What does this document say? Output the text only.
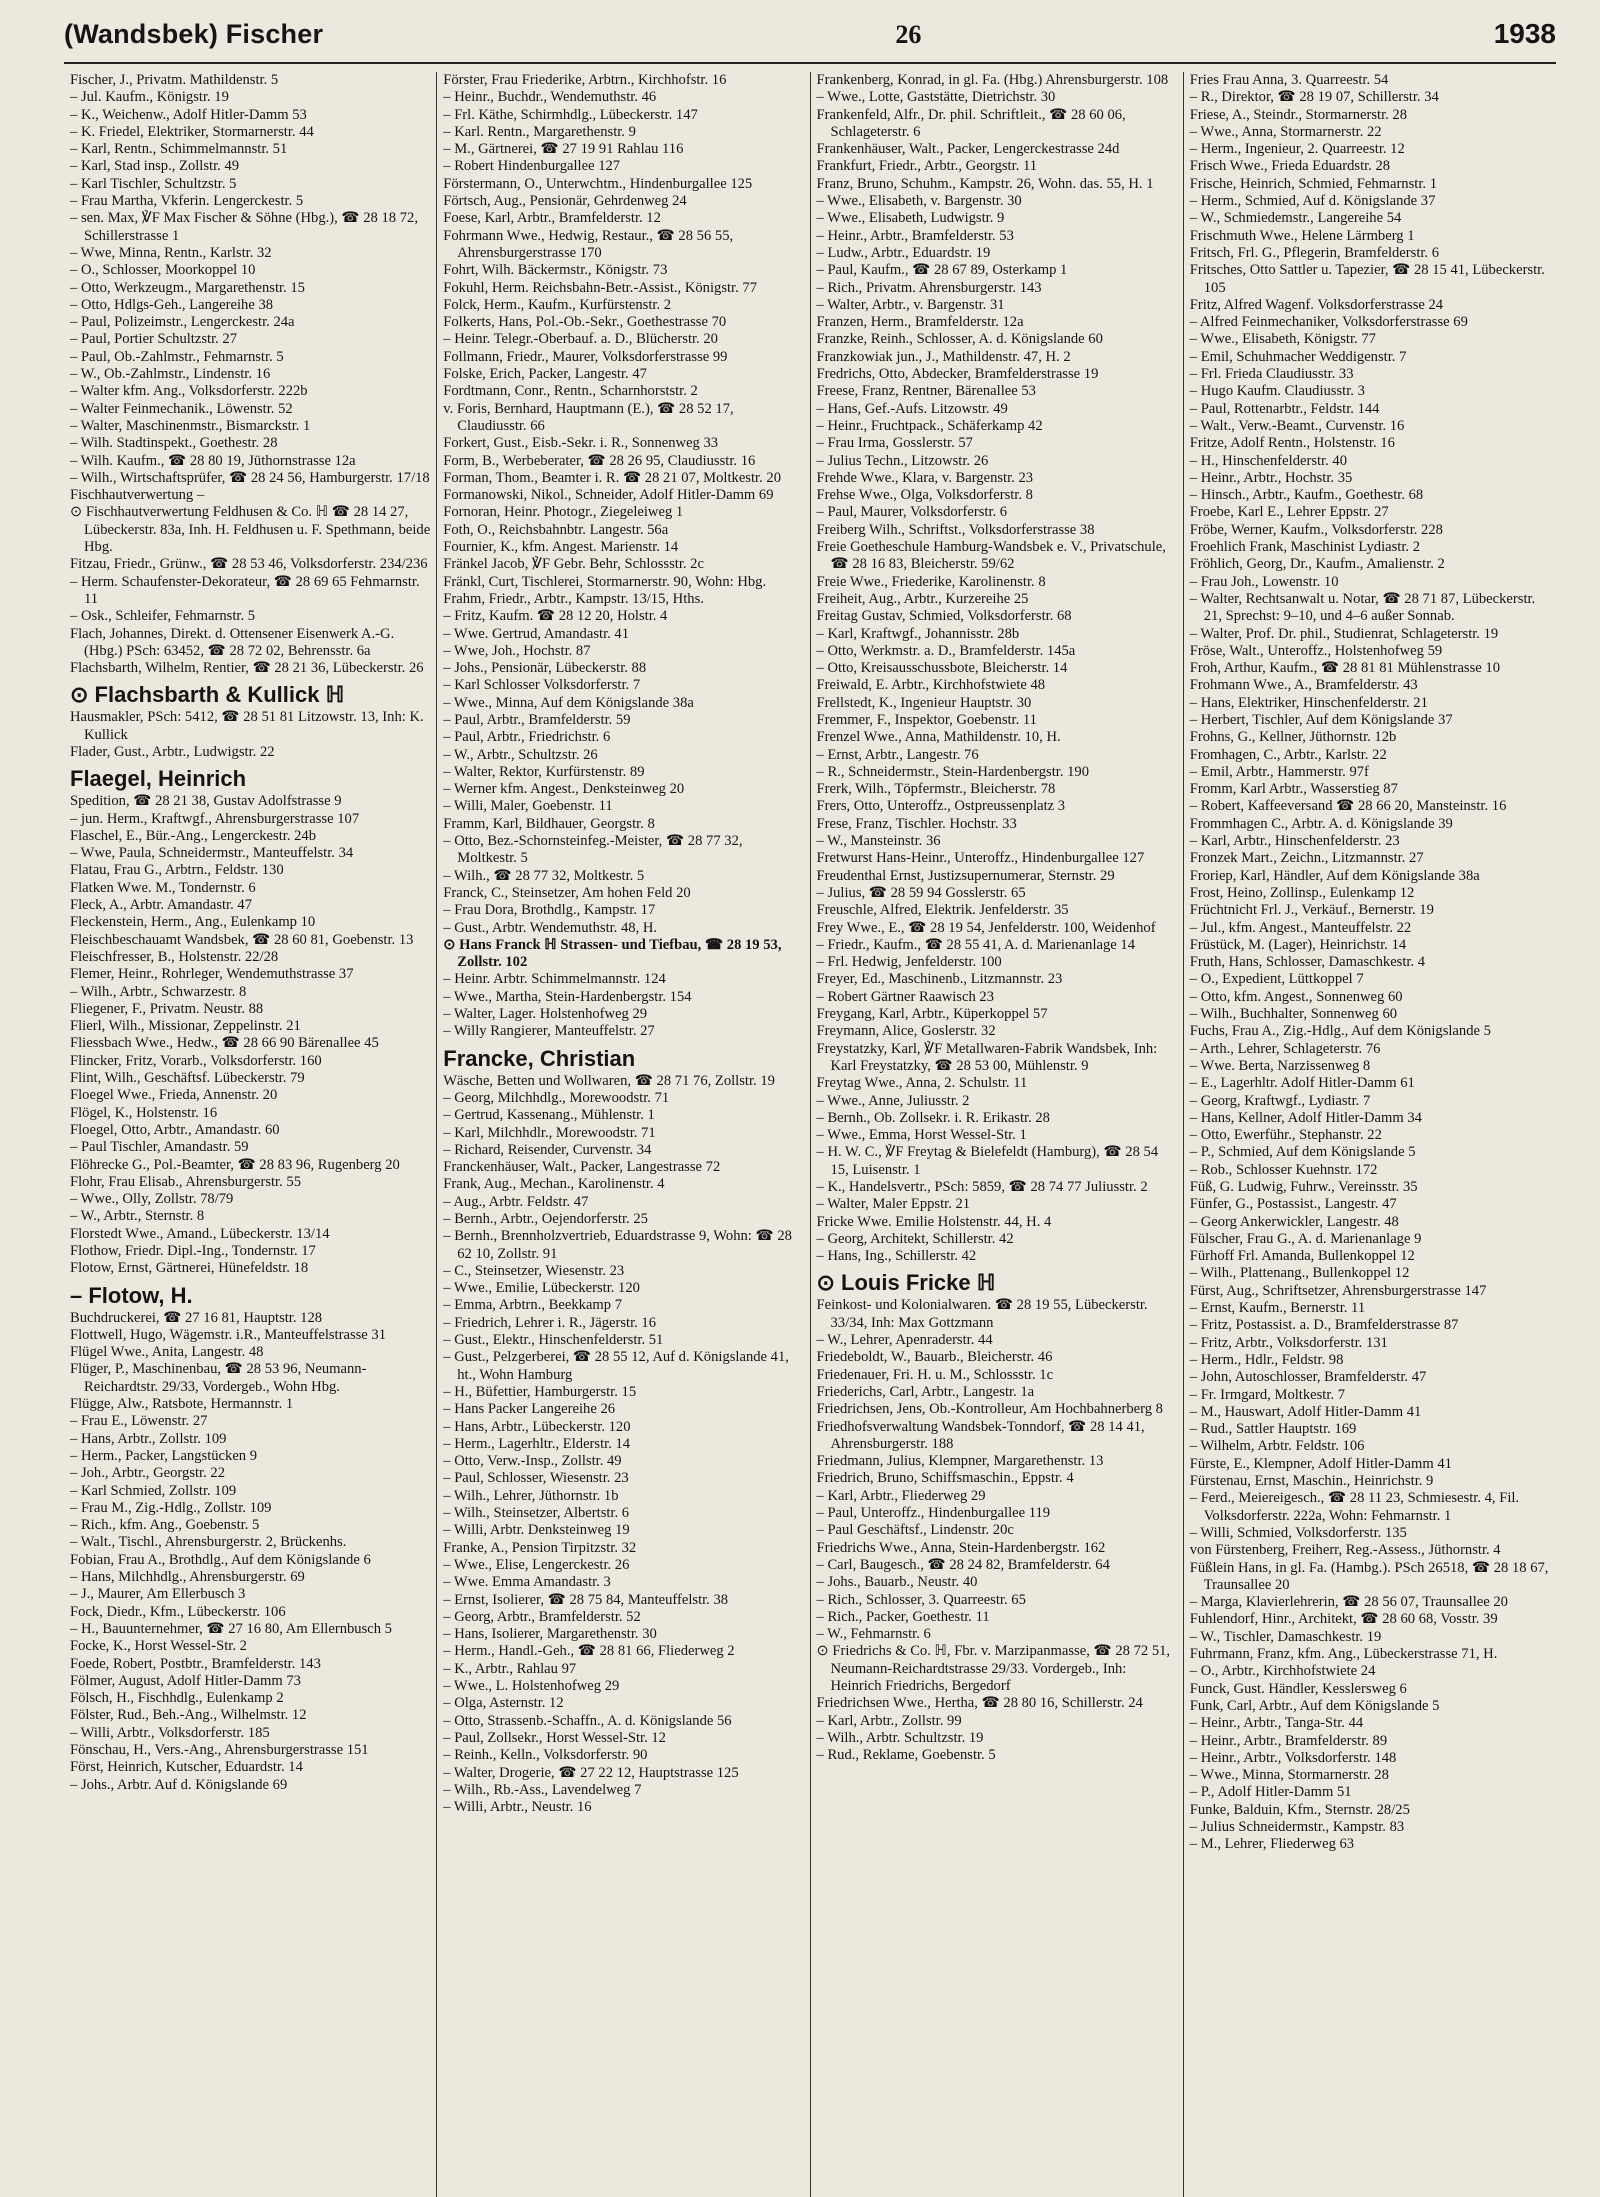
(Wandsbek) Fischer	26	1938

Fischer, J., Privatm. Mathildenstr. 5

– Jul. Kaufm., Königstr. 19

– K., Weichenw., Adolf Hitler-Damm 53

– K. Friedel, Elektriker, Stormarnerstr. 44

– Karl, Rentn., Schimmelmannstr. 51

– Karl, Stad insp., Zollstr. 49

– Karl Tischler, Schultzstr. 5

– Frau Martha, Vkferin. Lengerckestr. 5

– sen. Max, ℣F Max Fischer & Söhne (Hbg.), ☎ 28 18 72, Schillerstrasse 1

– Wwe, Minna, Rentn., Karlstr. 32

– O., Schlosser, Moorkoppel 10

– Otto, Werkzeugm., Margarethenstr. 15

– Otto, Hdlgs-Geh., Langereihe 38

– Paul, Polizeimstr., Lengerckestr. 24a

– Paul, Portier Schultzstr. 27

– Paul, Ob.-Zahlmstr., Fehmarnstr. 5

– W., Ob.-Zahlmstr., Lindenstr. 16

– Walter kfm. Ang., Volksdorferstr. 222b

– Walter Feinmechanik., Löwenstr. 52

– Walter, Maschinenmstr., Bismarckstr. 1

– Wilh. Stadtinspekt., Goethestr. 28

– Wilh. Kaufm., ☎ 28 80 19, Jüthornstrasse 12a

– Wilh., Wirtschaftsprüfer, ☎ 28 24 56, Hamburgerstr. 17/18

Fischhautverwertung –

⊙ Fischhautverwertung Feldhusen & Co. ℍ ☎ 28 14 27, Lübeckerstr. 83a, Inh. H. Feldhusen u. F. Spethmann, beide Hbg.

Fitzau, Friedr., Grünw., ☎ 28 53 46, Volksdorferstr. 234/236

– Herm. Schaufenster-Dekorateur, ☎ 28 69 65 Fehmarnstr. 11

– Osk., Schleifer, Fehmarnstr. 5

Flach, Johannes, Direkt. d. Ottensener Eisenwerk A.-G. (Hbg.) PSch: 63452, ☎ 28 72 02, Behrensstr. 6a

Flachsbarth, Wilhelm, Rentier, ☎ 28 21 36, Lübeckerstr. 26

⊙ Flachsbarth & Kullick ℍ

Hausmakler, PSch: 5412, ☎ 28 51 81 Litzowstr. 13, Inh: K. Kullick

Flader, Gust., Arbtr., Ludwigstr. 22

Flaegel, Heinrich

Spedition, ☎ 28 21 38, Gustav Adolfstrasse 9

– jun. Herm., Kraftwgf., Ahrensburgerstrasse 107

Flaschel, E., Bür.-Ang., Lengerckestr. 24b

– Wwe, Paula, Schneidermstr., Manteuffelstr. 34

Flatau, Frau G., Arbtrn., Feldstr. 130

Flatken Wwe. M., Tondernstr. 6

Fleck, A., Arbtr. Amandastr. 47

Fleckenstein, Herm., Ang., Eulenkamp 10

Fleischbeschauamt Wandsbek, ☎ 28 60 81, Goebenstr. 13

Fleischfresser, B., Holstenstr. 22/28

Flemer, Heinr., Rohrleger, Wendemuthstrasse 37

– Wilh., Arbtr., Schwarzestr. 8

Fliegener, F., Privatm. Neustr. 88

Flierl, Wilh., Missionar, Zeppelinstr. 21

Fliessbach Wwe., Hedw., ☎ 28 66 90 Bärenallee 45

Flincker, Fritz, Vorarb., Volksdorferstr. 160

Flint, Wilh., Geschäftsf. Lübeckerstr. 79

Floegel Wwe., Frieda, Annenstr. 20

Flögel, K., Holstenstr. 16

Floegel, Otto, Arbtr., Amandastr. 60

– Paul Tischler, Amandastr. 59

Flöhrecke G., Pol.-Beamter, ☎ 28 83 96, Rugenberg 20

Flohr, Frau Elisab., Ahrensburgerstr. 55

– Wwe., Olly, Zollstr. 78/79

– W., Arbtr., Sternstr. 8

Florstedt Wwe., Amand., Lübeckerstr. 13/14

Flothow, Friedr. Dipl.-Ing., Tondernstr. 17

Flotow, Ernst, Gärtnerei, Hünefeldstr. 18

– Flotow, H.

Buchdruckerei, ☎ 27 16 81, Hauptstr. 128

Flottwell, Hugo, Wägemstr. i.R., Manteuffelstrasse 31

Flügel Wwe., Anita, Langestr. 48

Flüger, P., Maschinenbau, ☎ 28 53 96, Neumann-Reichardtstr. 29/33, Vordergeb., Wohn Hbg.

Flügge, Alw., Ratsbote, Hermannstr. 1

– Frau E., Löwenstr. 27

– Hans, Arbtr., Zollstr. 109

– Herm., Packer, Langstücken 9

– Joh., Arbtr., Georgstr. 22

– Karl Schmied, Zollstr. 109

– Frau M., Zig.-Hdlg., Zollstr. 109

– Rich., kfm. Ang., Goebenstr. 5

– Walt., Tischl., Ahrensburgerstr. 2, Brückenhs.

Fobian, Frau A., Brothdlg., Auf dem Königslande 6

– Hans, Milchhdlg., Ahrensburgerstr. 69

– J., Maurer, Am Ellerbusch 3

Fock, Diedr., Kfm., Lübeckerstr. 106

– H., Bauunternehmer, ☎ 27 16 80, Am Ellernbusch 5

Focke, K., Horst Wessel-Str. 2

Foede, Robert, Postbtr., Bramfelderstr. 143

Fölmer, August, Adolf Hitler-Damm 73

Fölsch, H., Fischhdlg., Eulenkamp 2

Fölster, Rud., Beh.-Ang., Wilhelmstr. 12

– Willi, Arbtr., Volksdorferstr. 185

Fönschau, H., Vers.-Ang., Ahrensburgerstrasse 151

Först, Heinrich, Kutscher, Eduardstr. 14

– Johs., Arbtr. Auf d. Königslande 69

Förster, Frau Friederike, Arbtrn., Kirchhofstr. 16

– Heinr., Buchdr., Wendemuthstr. 46

– Frl. Käthe, Schirmhdlg., Lübeckerstr. 147

– Karl. Rentn., Margarethenstr. 9

– M., Gärtnerei, ☎ 27 19 91 Rahlau 116

– Robert Hindenburgallee 127

Förstermann, O., Unterwchtm., Hindenburgallee 125

Förtsch, Aug., Pensionär, Gehrdenweg 24

Foese, Karl, Arbtr., Bramfelderstr. 12

Fohrmann Wwe., Hedwig, Restaur., ☎ 28 56 55, Ahrensburgerstrasse 170

Fohrt, Wilh. Bäckermstr., Königstr. 73

Fokuhl, Herm. Reichsbahn-Betr.-Assist., Königstr. 77

Folck, Herm., Kaufm., Kurfürstenstr. 2

Folkerts, Hans, Pol.-Ob.-Sekr., Goethestrasse 70

– Heinr. Telegr.-Oberbauf. a. D., Blücherstr. 20

Follmann, Friedr., Maurer, Volksdorferstrasse 99

Folske, Erich, Packer, Langestr. 47

Fordtmann, Conr., Rentn., Scharnhorststr. 2

v. Foris, Bernhard, Hauptmann (E.), ☎ 28 52 17, Claudiusstr. 66

Forkert, Gust., Eisb.-Sekr. i. R., Sonnenweg 33

Form, B., Werbeberater, ☎ 28 26 95, Claudiusstr. 16

Forman, Thom., Beamter i. R. ☎ 28 21 07, Moltkestr. 20

Formanowski, Nikol., Schneider, Adolf Hitler-Damm 69

Fornoran, Heinr. Photogr., Ziegeleiweg 1

Foth, O., Reichsbahnbtr. Langestr. 56a

Fournier, K., kfm. Angest. Marienstr. 14

Fränkel Jacob, ℣F Gebr. Behr, Schlossstr. 2c

Fränkl, Curt, Tischlerei, Stormarnerstr. 90, Wohn: Hbg.

Frahm, Friedr., Arbtr., Kampstr. 13/15, Hths.

– Fritz, Kaufm. ☎ 28 12 20, Holstr. 4

– Wwe. Gertrud, Amandastr. 41

– Wwe, Joh., Hochstr. 87

– Johs., Pensionär, Lübeckerstr. 88

– Karl Schlosser Volksdorferstr. 7

– Wwe., Minna, Auf dem Königslande 38a

– Paul, Arbtr., Bramfelderstr. 59

– Paul, Arbtr., Friedrichstr. 6

– W., Arbtr., Schultzstr. 26

– Walter, Rektor, Kurfürstenstr. 89

– Werner kfm. Angest., Denksteinweg 20

– Willi, Maler, Goebenstr. 11

Framm, Karl, Bildhauer, Georgstr. 8

– Otto, Bez.-Schornsteinfeg.-Meister, ☎ 28 77 32, Moltkestr. 5

– Wilh., ☎ 28 77 32, Moltkestr. 5

Franck, C., Steinsetzer, Am hohen Feld 20

– Frau Dora, Brothdlg., Kampstr. 17

– Gust., Arbtr. Wendemuthstr. 48, H.

⊙ Hans Franck ℍ Strassen- und Tiefbau, ☎ 28 19 53, Zollstr. 102

– Heinr. Arbtr. Schimmelmannstr. 124

– Wwe., Martha, Stein-Hardenbergstr. 154

– Walter, Lager. Holstenhofweg 29

– Willy Rangierer, Manteuffelstr. 27

Francke, Christian

Wäsche, Betten und Wollwaren, ☎ 28 71 76, Zollstr. 19

– Georg, Milchhdlg., Morewoodstr. 71

– Gertrud, Kassenang., Mühlenstr. 1

– Karl, Milchhdlr., Morewoodstr. 71

– Richard, Reisender, Curvenstr. 34

Franckenhäuser, Walt., Packer, Langestrasse 72

Frank, Aug., Mechan., Karolinenstr. 4

– Aug., Arbtr. Feldstr. 47

– Bernh., Arbtr., Oejendorferstr. 25

– Bernh., Brennholzvertrieb, Eduardstrasse 9, Wohn: ☎ 28 62 10, Zollstr. 91

– C., Steinsetzer, Wiesenstr. 23

– Wwe., Emilie, Lübeckerstr. 120

– Emma, Arbtrn., Beekkamp 7

– Friedrich, Lehrer i. R., Jägerstr. 16

– Gust., Elektr., Hinschenfelderstr. 51

– Gust., Pelzgerberei, ☎ 28 55 12, Auf d. Königslande 41, ht., Wohn Hamburg

– H., Büfettier, Hamburgerstr. 15

– Hans Packer Langereihe 26

– Hans, Arbtr., Lübeckerstr. 120

– Herm., Lagerhltr., Elderstr. 14

– Otto, Verw.-Insp., Zollstr. 49

– Paul, Schlosser, Wiesenstr. 23

– Wilh., Lehrer, Jüthornstr. 1b

– Wilh., Steinsetzer, Albertstr. 6

– Willi, Arbtr. Denksteinweg 19

Franke, A., Pension Tirpitzstr. 32

– Wwe., Elise, Lengerckestr. 26

– Wwe. Emma Amandastr. 3

– Ernst, Isolierer, ☎ 28 75 84, Manteuffelstr. 38

– Georg, Arbtr., Bramfelderstr. 52

– Hans, Isolierer, Margarethenstr. 30

– Herm., Handl.-Geh., ☎ 28 81 66, Fliederweg 2

– K., Arbtr., Rahlau 97

– Wwe., L. Holstenhofweg 29

– Olga, Asternstr. 12

– Otto, Strassenb.-Schaffn., A. d. Königslande 56

– Paul, Zollsekr., Horst Wessel-Str. 12

– Reinh., Kelln., Volksdorferstr. 90

– Walter, Drogerie, ☎ 27 22 12, Hauptstrasse 125

– Wilh., Rb.-Ass., Lavendelweg 7

– Willi, Arbtr., Neustr. 16

Frankenberg, Konrad, in gl. Fa. (Hbg.) Ahrensburgerstr. 108

– Wwe., Lotte, Gaststätte, Dietrichstr. 30

Frankenfeld, Alfr., Dr. phil. Schriftleit., ☎ 28 60 06, Schlageterstr. 6

Frankenhäuser, Walt., Packer, Lengerckestrasse 24d

Frankfurt, Friedr., Arbtr., Georgstr. 11

Franz, Bruno, Schuhm., Kampstr. 26, Wohn. das. 55, H. 1

– Wwe., Elisabeth, v. Bargenstr. 30

– Wwe., Elisabeth, Ludwigstr. 9

– Heinr., Arbtr., Bramfelderstr. 53

– Ludw., Arbtr., Eduardstr. 19

– Paul, Kaufm., ☎ 28 67 89, Osterkamp 1

– Rich., Privatm. Ahrensburgerstr. 143

– Walter, Arbtr., v. Bargenstr. 31

Franzen, Herm., Bramfelderstr. 12a

Franzke, Reinh., Schlosser, A. d. Königslande 60

Franzkowiak jun., J., Mathildenstr. 47, H. 2

Fredrichs, Otto, Abdecker, Bramfelderstrasse 19

Freese, Franz, Rentner, Bärenallee 53

– Hans, Gef.-Aufs. Litzowstr. 49

– Heinr., Fruchtpack., Schäferkamp 42

– Frau Irma, Gosslerstr. 57

– Julius Techn., Litzowstr. 26

Frehde Wwe., Klara, v. Bargenstr. 23

Frehse Wwe., Olga, Volksdorferstr. 8

– Paul, Maurer, Volksdorferstr. 6

Freiberg Wilh., Schriftst., Volksdorferstrasse 38

Freie Goetheschule Hamburg-Wandsbek e. V., Privatschule, ☎ 28 16 83, Bleicherstr. 59/62

Freie Wwe., Friederike, Karolinenstr. 8

Freiheit, Aug., Arbtr., Kurzereihe 25

Freitag Gustav, Schmied, Volksdorferstr. 68

– Karl, Kraftwgf., Johannisstr. 28b

– Otto, Werkmstr. a. D., Bramfelderstr. 145a

– Otto, Kreisausschussbote, Bleicherstr. 14

Freiwald, E. Arbtr., Kirchhofstwiete 48

Frellstedt, K., Ingenieur Hauptstr. 30

Fremmer, F., Inspektor, Goebenstr. 11

Frenzel Wwe., Anna, Mathildenstr. 10, H.

– Ernst, Arbtr., Langestr. 76

– R., Schneidermstr., Stein-Hardenbergstr. 190

Frerk, Wilh., Töpfermstr., Bleicherstr. 78

Frers, Otto, Unteroffz., Ostpreussenplatz 3

Frese, Franz, Tischler. Hochstr. 33

– W., Mansteinstr. 36

Fretwurst Hans-Heinr., Unteroffz., Hindenburgallee 127

Freudenthal Ernst, Justizsupernumerar, Sternstr. 29

– Julius, ☎ 28 59 94 Gosslerstr. 65

Freuschle, Alfred, Elektrik. Jenfelderstr. 35

Frey Wwe., E., ☎ 28 19 54, Jenfelderstr. 100, Weidenhof

– Friedr., Kaufm., ☎ 28 55 41, A. d. Marienanlage 14

– Frl. Hedwig, Jenfelderstr. 100

Freyer, Ed., Maschinenb., Litzmannstr. 23

– Robert Gärtner Raawisch 23

Freygang, Karl, Arbtr., Küperkoppel 57

Freymann, Alice, Goslerstr. 32

Freystatzky, Karl, ℣F Metallwaren-Fabrik Wandsbek, Inh: Karl Freystatzky, ☎ 28 53 00, Mühlenstr. 9

Freytag Wwe., Anna, 2. Schulstr. 11

– Wwe., Anne, Juliusstr. 2

– Bernh., Ob. Zollsekr. i. R. Erikastr. 28

– Wwe., Emma, Horst Wessel-Str. 1

– H. W. C., ℣F Freytag & Bielefeldt (Hamburg), ☎ 28 54 15, Luisenstr. 1

– K., Handelsvertr., PSch: 5859, ☎ 28 74 77 Juliusstr. 2

– Walter, Maler Eppstr. 21

Fricke Wwe. Emilie Holstenstr. 44, H. 4

– Georg, Architekt, Schillerstr. 42

– Hans, Ing., Schillerstr. 42

⊙ Louis Fricke ℍ

Feinkost- und Kolonialwaren. ☎ 28 19 55, Lübeckerstr. 33/34, Inh: Max Gottzmann

– W., Lehrer, Apenraderstr. 44

Friedeboldt, W., Bauarb., Bleicherstr. 46

Friedenauer, Fri. H. u. M., Schlossstr. 1c

Friederichs, Carl, Arbtr., Langestr. 1a

Friedrichsen, Jens, Ob.-Kontrolleur, Am Hochbahnerberg 8

Friedhofsverwaltung Wandsbek-Tonndorf, ☎ 28 14 41, Ahrensburgerstr. 188

Friedmann, Julius, Klempner, Margarethenstr. 13

Friedrich, Bruno, Schiffsmaschin., Eppstr. 4

– Karl, Arbtr., Fliederweg 29

– Paul, Unteroffz., Hindenburgallee 119

– Paul Geschäftsf., Lindenstr. 20c

Friedrichs Wwe., Anna, Stein-Hardenbergstr. 162

– Carl, Baugesch., ☎ 28 24 82, Bramfelderstr. 64

– Johs., Bauarb., Neustr. 40

– Rich., Schlosser, 3. Quarreestr. 65

– Rich., Packer, Goethestr. 11

– W., Fehmarnstr. 6

⊙ Friedrichs & Co. ℍ, Fbr. v. Marzipanmasse, ☎ 28 72 51, Neumann-Reichardtstrasse 29/33. Vordergeb., Inh: Heinrich Friedrichs, Bergedorf

Friedrichsen Wwe., Hertha, ☎ 28 80 16, Schillerstr. 24

– Karl, Arbtr., Zollstr. 99

– Wilh., Arbtr. Schultzstr. 19

– Rud., Reklame, Goebenstr. 5

Fries Frau Anna, 3. Quarreestr. 54

– R., Direktor, ☎ 28 19 07, Schillerstr. 34

Friese, A., Steindr., Stormarnerstr. 28

– Wwe., Anna, Stormarnerstr. 22

– Herm., Ingenieur, 2. Quarreestr. 12

Frisch Wwe., Frieda Eduardstr. 28

Frische, Heinrich, Schmied, Fehmarnstr. 1

– Herm., Schmied, Auf d. Königslande 37

– W., Schmiedemstr., Langereihe 54

Frischmuth Wwe., Helene Lärmberg 1

Fritsch, Frl. G., Pflegerin, Bramfelderstr. 6

Fritsches, Otto Sattler u. Tapezier, ☎ 28 15 41, Lübeckerstr. 105

Fritz, Alfred Wagenf. Volksdorferstrasse 24

– Alfred Feinmechaniker, Volksdorferstrasse 69

– Wwe., Elisabeth, Königstr. 77

– Emil, Schuhmacher Weddigenstr. 7

– Frl. Frieda Claudiusstr. 33

– Hugo Kaufm. Claudiusstr. 3

– Paul, Rottenarbtr., Feldstr. 144

– Walt., Verw.-Beamt., Curvenstr. 16

Fritze, Adolf Rentn., Holstenstr. 16

– H., Hinschenfelderstr. 40

– Heinr., Arbtr., Hochstr. 35

– Hinsch., Arbtr., Kaufm., Goethestr. 68

Froebe, Karl E., Lehrer Eppstr. 27

Fröbe, Werner, Kaufm., Volksdorferstr. 228

Froehlich Frank, Maschinist Lydiastr. 2

Fröhlich, Georg, Dr., Kaufm., Amalienstr. 2

– Frau Joh., Lowenstr. 10

– Walter, Rechtsanwalt u. Notar, ☎ 28 71 87, Lübeckerstr. 21, Sprechst: 9–10, und 4–6 außer Sonnab.

– Walter, Prof. Dr. phil., Studienrat, Schlageterstr. 19

Fröse, Walt., Unteroffz., Holstenhofweg 59

Froh, Arthur, Kaufm., ☎ 28 81 81 Mühlenstrasse 10

Frohmann Wwe., A., Bramfelderstr. 43

– Hans, Elektriker, Hinschenfelderstr. 21

– Herbert, Tischler, Auf dem Königslande 37

Frohns, G., Kellner, Jüthornstr. 12b

Fromhagen, C., Arbtr., Karlstr. 22

– Emil, Arbtr., Hammerstr. 97f

Fromm, Karl Arbtr., Wasserstieg 87

– Robert, Kaffeeversand ☎ 28 66 20, Mansteinstr. 16

Frommhagen C., Arbtr. A. d. Königslande 39

– Karl, Arbtr., Hinschenfelderstr. 23

Fronzek Mart., Zeichn., Litzmannstr. 27

Froriep, Karl, Händler, Auf dem Königslande 38a

Frost, Heino, Zollinsp., Eulenkamp 12

Früchtnicht Frl. J., Verkäuf., Bernerstr. 19

– Jul., kfm. Angest., Manteuffelstr. 22

Früstück, M. (Lager), Heinrichstr. 14

Fruth, Hans, Schlosser, Damaschkestr. 4

– O., Expedient, Lüttkoppel 7

– Otto, kfm. Angest., Sonnenweg 60

– Wilh., Buchhalter, Sonnenweg 60

Fuchs, Frau A., Zig.-Hdlg., Auf dem Königslande 5

– Arth., Lehrer, Schlageterstr. 76

– Wwe. Berta, Narzissenweg 8

– E., Lagerhltr. Adolf Hitler-Damm 61

– Georg, Kraftwgf., Lydiastr. 7

– Hans, Kellner, Adolf Hitler-Damm 34

– Otto, Ewerführ., Stephanstr. 22

– P., Schmied, Auf dem Königslande 5

– Rob., Schlosser Kuehnstr. 172

Füß, G. Ludwig, Fuhrw., Vereinsstr. 35

Fünfer, G., Postassist., Langestr. 47

– Georg Ankerwickler, Langestr. 48

Fülscher, Frau G., A. d. Marienanlage 9

Fürhoff Frl. Amanda, Bullenkoppel 12

– Wilh., Plattenang., Bullenkoppel 12

Fürst, Aug., Schriftsetzer, Ahrensburgerstrasse 147

– Ernst, Kaufm., Bernerstr. 11

– Fritz, Postassist. a. D., Bramfelderstrasse 87

– Fritz, Arbtr., Volksdorferstr. 131

– Herm., Hdlr., Feldstr. 98

– John, Autoschlosser, Bramfelderstr. 47

– Fr. Irmgard, Moltkestr. 7

– M., Hauswart, Adolf Hitler-Damm 41

– Rud., Sattler Hauptstr. 169

– Wilhelm, Arbtr. Feldstr. 106

Fürste, E., Klempner, Adolf Hitler-Damm 41

Fürstenau, Ernst, Maschin., Heinrichstr. 9

– Ferd., Meiereigesch., ☎ 28 11 23, Schmiesestr. 4, Fil. Volksdorferstr. 222a, Wohn: Fehmarnstr. 1

– Willi, Schmied, Volksdorferstr. 135

von Fürstenberg, Freiherr, Reg.-Assess., Jüthornstr. 4

Füßlein Hans, in gl. Fa. (Hambg.). PSch 26518, ☎ 28 18 67, Traunsallee 20

– Marga, Klavierlehrerin, ☎ 28 56 07, Traunsallee 20

Fuhlendorf, Hinr., Architekt, ☎ 28 60 68, Vosstr. 39

– W., Tischler, Damaschkestr. 19

Fuhrmann, Franz, kfm. Ang., Lübeckerstrasse 71, H.

– O., Arbtr., Kirchhofstwiete 24

Funck, Gust. Händler, Kesslersweg 6

Funk, Carl, Arbtr., Auf dem Königslande 5

– Heinr., Arbtr., Tanga-Str. 44

– Heinr., Arbtr., Bramfelderstr. 89

– Heinr., Arbtr., Volksdorferstr. 148

– Wwe., Minna, Stormarnerstr. 28

– P., Adolf Hitler-Damm 51

Funke, Balduin, Kfm., Sternstr. 28/25

– Julius Schneidermstr., Kampstr. 83

– M., Lehrer, Fliederweg 63
